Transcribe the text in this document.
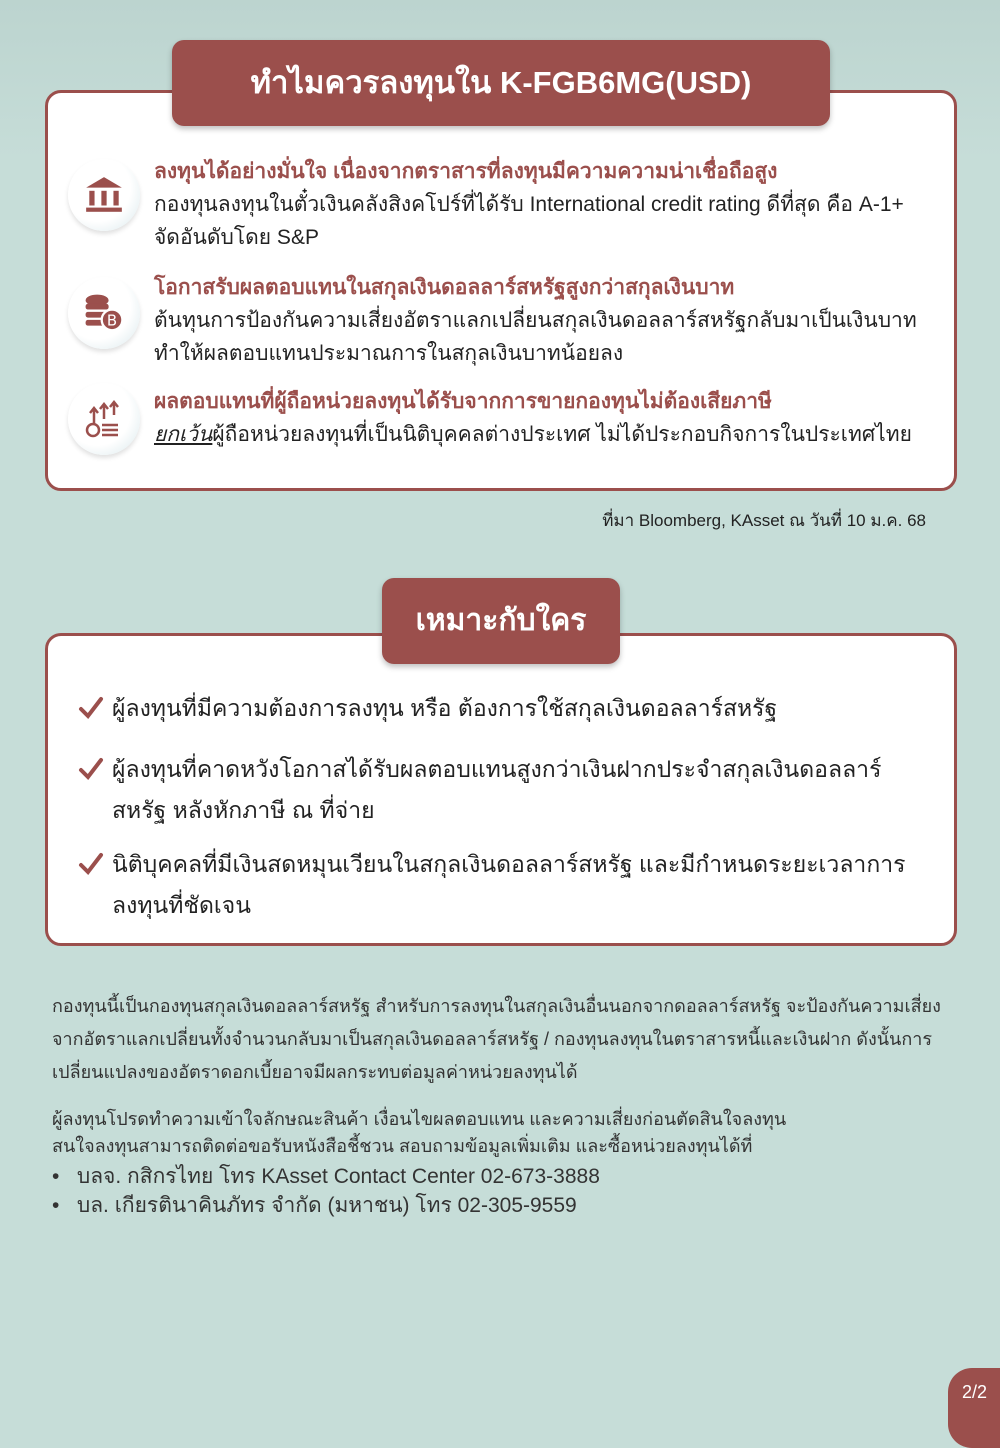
ลงทุนได้อย่างมั่นใจ เนื่องจากตราสารที่ลงทุนมีความความน่าเชื่อถือสูง
กองทุนลงทุนในตั๋วเงินคลังสิงคโปร์ที่ได้รับ International credit rating ดีที่สุด คือ A-1+ จัดอันดับโดย S&P
B
โอกาสรับผลตอบแทนในสกุลเงินดอลลาร์สหรัฐสูงกว่าสกุลเงินบาท
ต้นทุนการป้องกันความเสี่ยงอัตราแลกเปลี่ยนสกุลเงินดอลลาร์สหรัฐกลับมาเป็นเงินบาททำให้ผลตอบแทนประมาณการในสกุลเงินบาทน้อยลง
ผลตอบแทนที่ผู้ถือหน่วยลงทุนได้รับจากการขายกองทุนไม่ต้องเสียภาษี
ยกเว้นผู้ถือหน่วยลงทุนที่เป็นนิติบุคคลต่างประเทศ ไม่ได้ประกอบกิจการในประเทศไทย
ทำไมควรลงทุนใน K-FGB6MG(USD)
ที่มา Bloomberg, KAsset ณ วันที่ 10 ม.ค. 68
ผู้ลงทุนที่มีความต้องการลงทุน หรือ ต้องการใช้สกุลเงินดอลลาร์สหรัฐ
ผู้ลงทุนที่คาดหวังโอกาสได้รับผลตอบแทนสูงกว่าเงินฝากประจำสกุลเงินดอลลาร์สหรัฐ หลังหักภาษี ณ ที่จ่าย
นิติบุคคลที่มีเงินสดหมุนเวียนในสกุลเงินดอลลาร์สหรัฐ และมีกำหนดระยะเวลาการลงทุนที่ชัดเจน
เหมาะกับใคร
กองทุนนี้เป็นกองทุนสกุลเงินดอลลาร์สหรัฐ สำหรับการลงทุนในสกุลเงินอื่นนอกจากดอลลาร์สหรัฐ จะป้องกันความเสี่ยงจากอัตราแลกเปลี่ยนทั้งจำนวนกลับมาเป็นสกุลเงินดอลลาร์สหรัฐ / กองทุนลงทุนในตราสารหนี้และเงินฝาก ดังนั้นการเปลี่ยนแปลงของอัตราดอกเบี้ยอาจมีผลกระทบต่อมูลค่าหน่วยลงทุนได้
ผู้ลงทุนโปรดทำความเข้าใจลักษณะสินค้า เงื่อนไขผลตอบแทน และความเสี่ยงก่อนตัดสินใจลงทุน
สนใจลงทุนสามารถติดต่อขอรับหนังสือชี้ชวน สอบถามข้อมูลเพิ่มเติม และซื้อหน่วยลงทุนได้ที่
•   บลจ. กสิกรไทย โทร KAsset Contact Center 02-673-3888
•   บล. เกียรตินาคินภัทร จำกัด (มหาชน) โทร 02-305-9559
2/2
